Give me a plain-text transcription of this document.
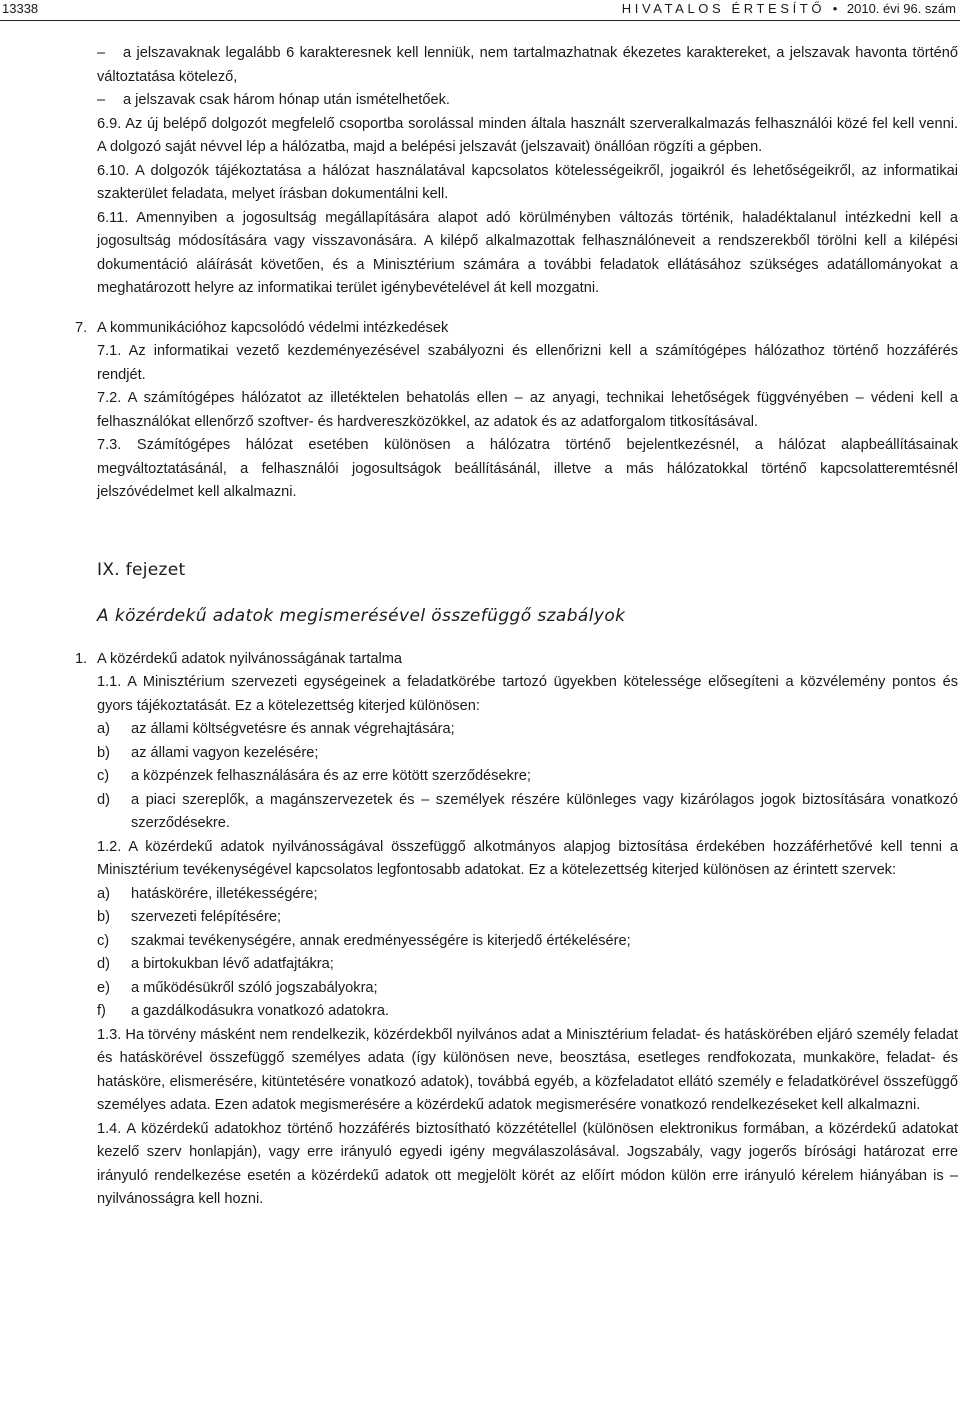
13338	HIVATALOS ÉRTESÍTŐ • 2010. évi 96. szám

– a jelszavaknak legalább 6 karakteresnek kell lenniük, nem tartalmazhatnak ékezetes karaktereket, a jelszavak havonta történő változtatása kötelező,

– a jelszavak csak három hónap után ismételhetőek.

6.9. Az új belépő dolgozót megfelelő csoportba sorolással minden általa használt szerveralkalmazás felhasználói közé fel kell venni. A dolgozó saját névvel lép a hálózatba, majd a belépési jelszavát (jelszavait) önállóan rögzíti a gépben.

6.10. A dolgozók tájékoztatása a hálózat használatával kapcsolatos kötelességeikről, jogaikról és lehetőségeikről, az informatikai szakterület feladata, melyet írásban dokumentálni kell.

6.11. Amennyiben a jogosultság megállapítására alapot adó körülményben változás történik, haladéktalanul intézkedni kell a jogosultság módosítására vagy visszavonására. A kilépő alkalmazottak felhasználóneveit a rendszerekből törölni kell a kilépési dokumentáció aláírását követően, és a Minisztérium számára a további feladatok ellátásához szükséges adatállományokat a meghatározott helyre az informatikai terület igénybevételével át kell mozgatni.

7. A kommunikációhoz kapcsolódó védelmi intézkedések

7.1. Az informatikai vezető kezdeményezésével szabályozni és ellenőrizni kell a számítógépes hálózathoz történő hozzáférés rendjét.

7.2. A számítógépes hálózatot az illetéktelen behatolás ellen – az anyagi, technikai lehetőségek függvényében – védeni kell a felhasználókat ellenőrző szoftver- és hardvereszközökkel, az adatok és az adatforgalom titkosításával.

7.3. Számítógépes hálózat esetében különösen a hálózatra történő bejelentkezésnél, a hálózat alapbeállításainak megváltoztatásánál, a felhasználói jogosultságok beállításánál, illetve a más hálózatokkal történő kapcsolatteremtésnél jelszóvédelmet kell alkalmazni.

IX. fejezet
A közérdekű adatok megismerésével összefüggő szabályok

1. A közérdekű adatok nyilvánosságának tartalma

1.1. A Minisztérium szervezeti egységeinek a feladatkörébe tartozó ügyekben kötelessége elősegíteni a közvélemény pontos és gyors tájékoztatását. Ez a kötelezettség kiterjed különösen:

a) az állami költségvetésre és annak végrehajtására;

b) az állami vagyon kezelésére;

c) a közpénzek felhasználására és az erre kötött szerződésekre;

d) a piaci szereplők, a magánszervezetek és – személyek részére különleges vagy kizárólagos jogok biztosítására vonatkozó szerződésekre.

1.2. A közérdekű adatok nyilvánosságával összefüggő alkotmányos alapjog biztosítása érdekében hozzáférhetővé kell tenni a Minisztérium tevékenységével kapcsolatos legfontosabb adatokat. Ez a kötelezettség kiterjed különösen az érintett szervek:

a) hatáskörére, illetékességére;

b) szervezeti felépítésére;

c) szakmai tevékenységére, annak eredményességére is kiterjedő értékelésére;

d) a birtokukban lévő adatfajtákra;

e) a működésükről szóló jogszabályokra;

f) a gazdálkodásukra vonatkozó adatokra.

1.3. Ha törvény másként nem rendelkezik, közérdekből nyilvános adat a Minisztérium feladat- és hatáskörében eljáró személy feladat és hatáskörével összefüggő személyes adata (így különösen neve, beosztása, esetleges rendfokozata, munkaköre, feladat- és hatásköre, elismerésére, kitüntetésére vonatkozó adatok), továbbá egyéb, a közfeladatot ellátó személy e feladatkörével összefüggő személyes adata. Ezen adatok megismerésére a közérdekű adatok megismerésére vonatkozó rendelkezéseket kell alkalmazni.

1.4. A közérdekű adatokhoz történő hozzáférés biztosítható közzététellel (különösen elektronikus formában, a közérdekű adatokat kezelő szerv honlapján), vagy erre irányuló egyedi igény megválaszolásával. Jogszabály, vagy jogerős bírósági határozat erre irányuló rendelkezése esetén a közérdekű adatok ott megjelölt körét az előírt módon külön erre irányuló kérelem hiányában is – nyilvánosságra kell hozni.
